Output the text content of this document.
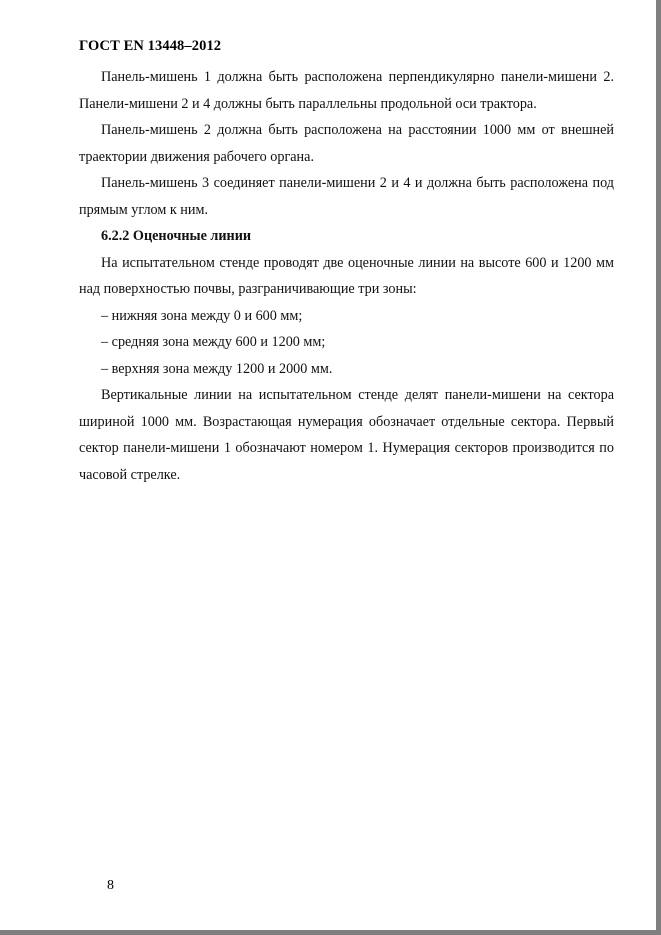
ГОСТ EN 13448–2012

Панель-мишень 1 должна быть расположена перпендикулярно панели-мишени 2. Панели-мишени 2 и 4 должны быть параллельны продольной оси трактора.

Панель-мишень 2 должна быть расположена на расстоянии 1000 мм от внешней траектории движения рабочего органа.

Панель-мишень 3 соединяет панели-мишени 2 и 4 и должна быть расположена под прямым углом к ним.

6.2.2 Оценочные линии

На испытательном стенде проводят две оценочные линии на высоте 600 и 1200 мм над поверхностью почвы, разграничивающие три зоны:

– нижняя зона между 0 и 600 мм;

– средняя зона между 600 и 1200 мм;

– верхняя зона между 1200 и 2000 мм.

Вертикальные линии на испытательном стенде делят панели-мишени на сектора шириной 1000 мм. Возрастающая нумерация обозначает отдельные сектора. Первый сектор панели-мишени 1 обозначают номером 1. Нумерация секторов производится по часовой стрелке.

8
